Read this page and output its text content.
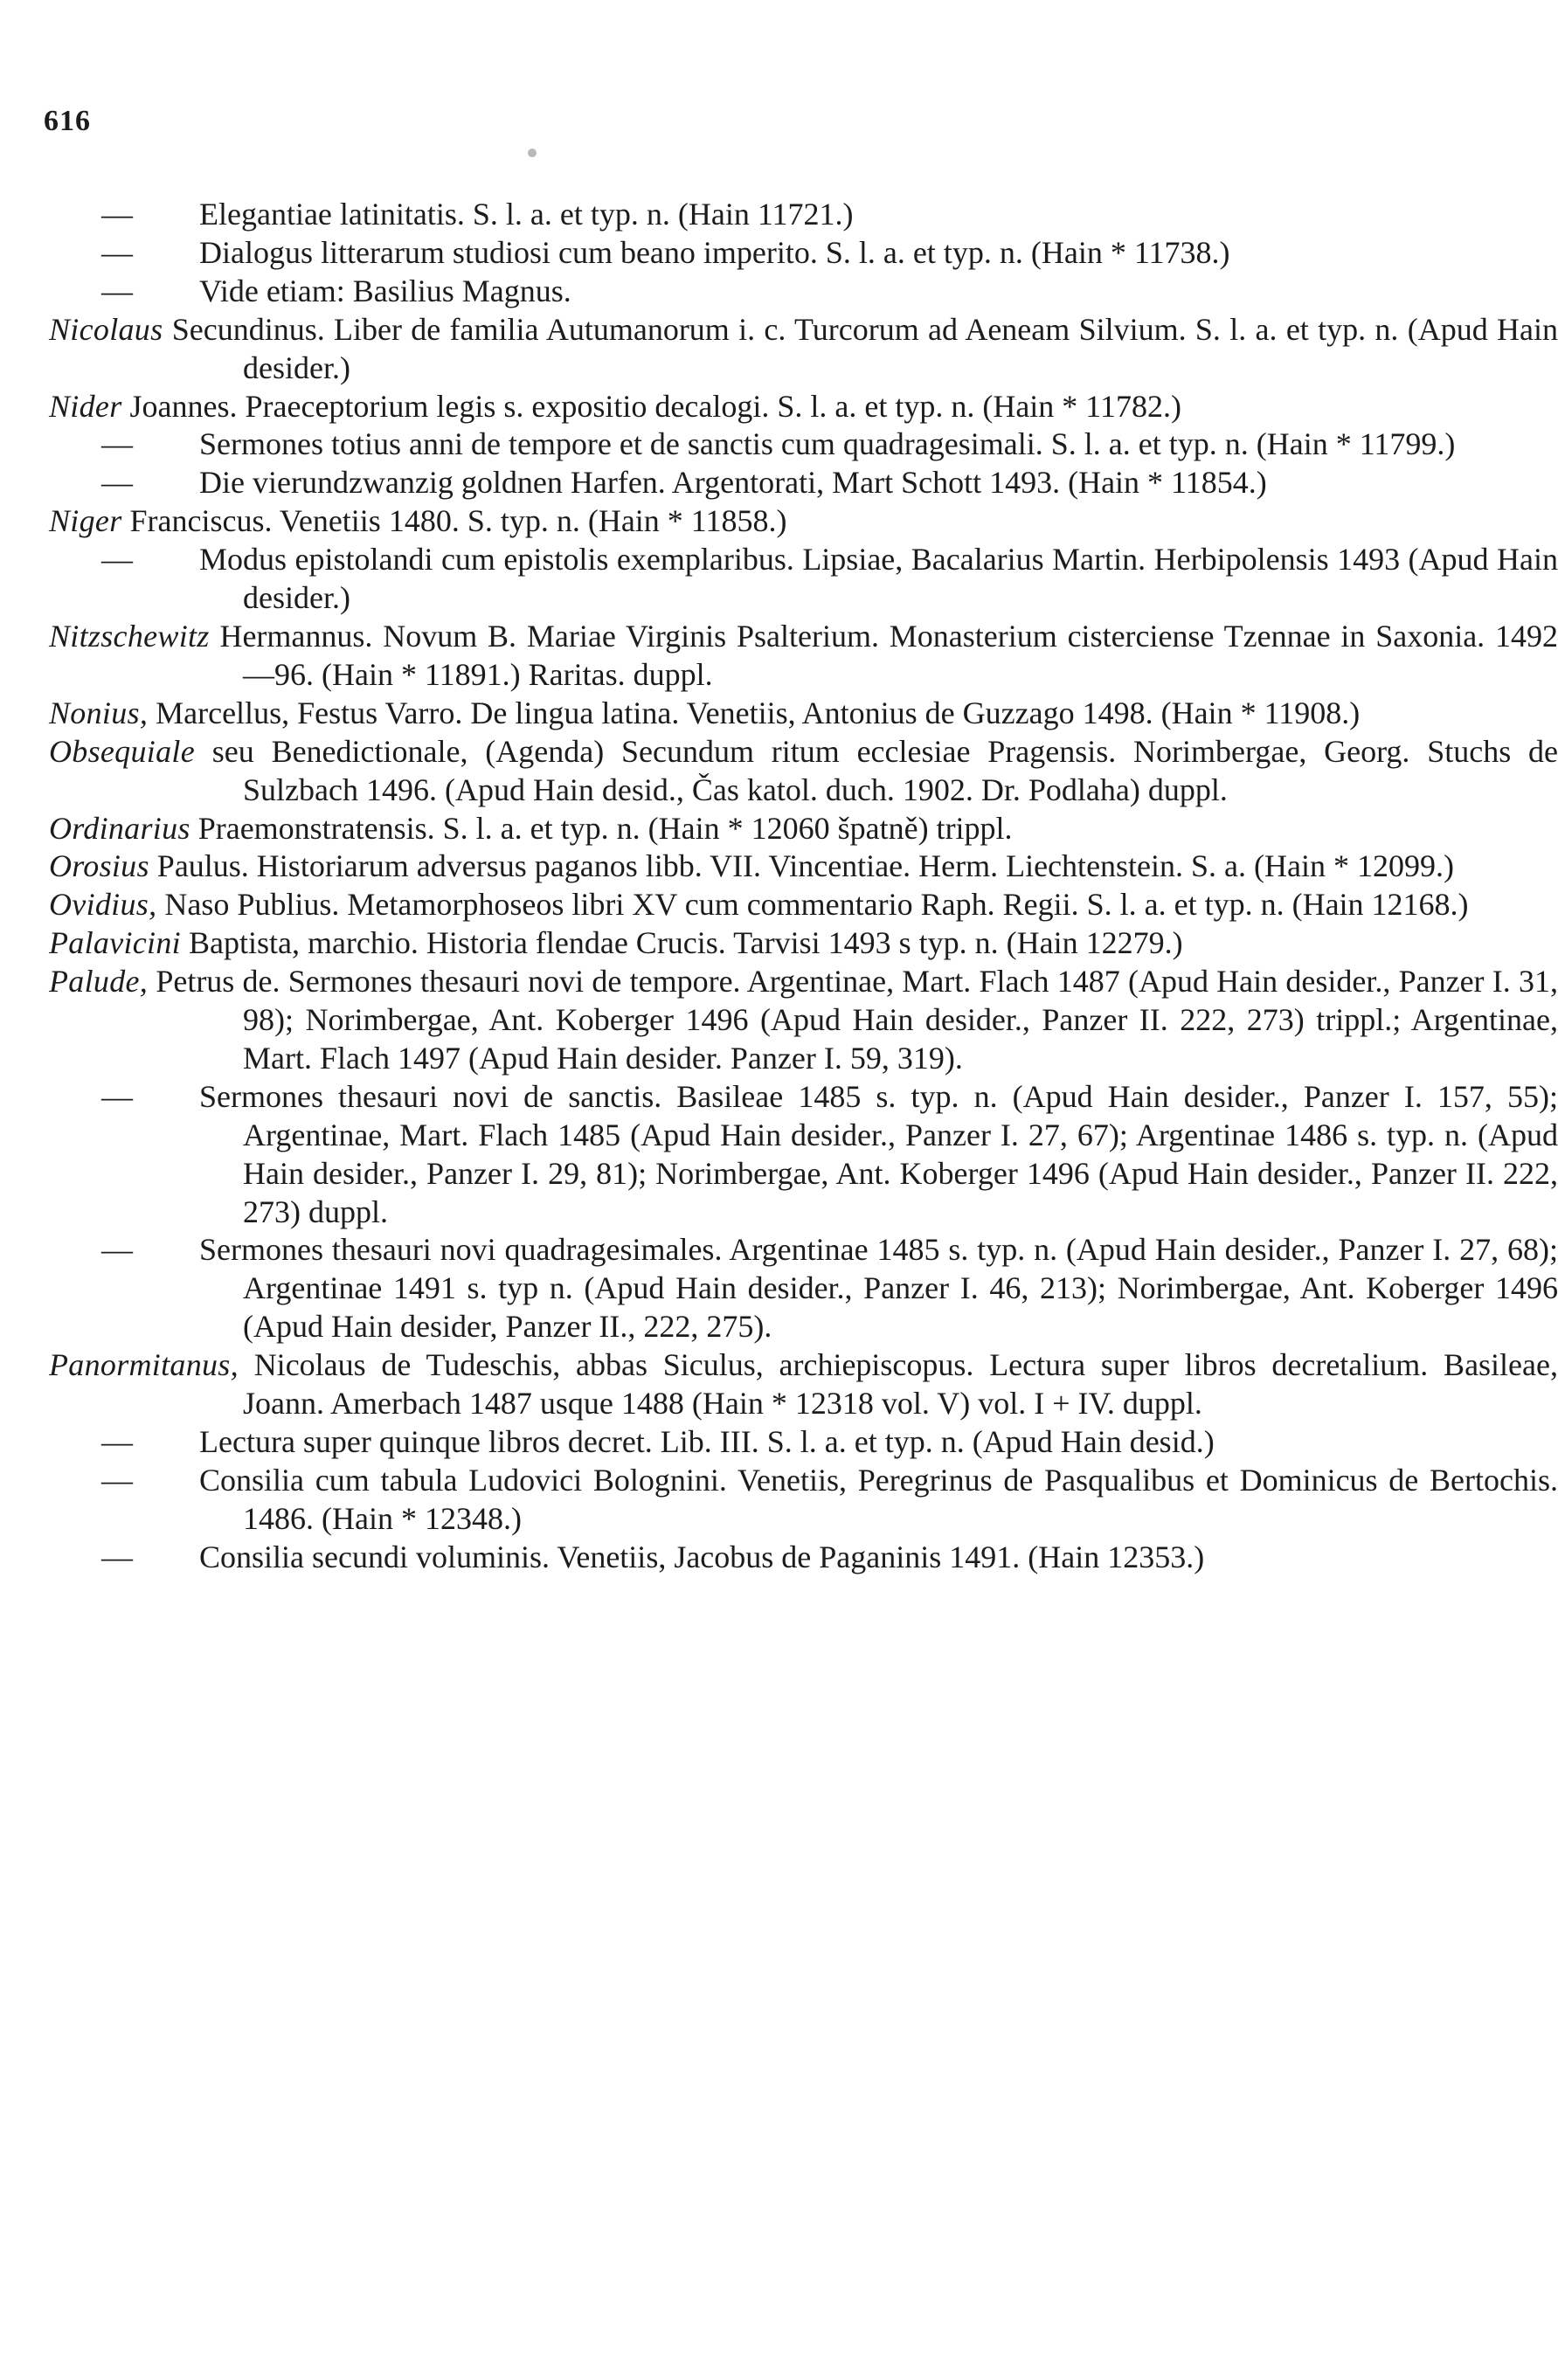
616
— Elegantiae latinitatis. S. l. a. et typ. n. (Hain 11721.)
— Dialogus litterarum studiosi cum beano imperito. S. l. a. et typ. n. (Hain * 11738.)
— Vide etiam: Basilius Magnus.
Nicolaus Secundinus. Liber de familia Autumanorum i. c. Turcorum ad Aeneam Silvium. S. l. a. et typ. n. (Apud Hain desider.)
Nider Joannes. Praeceptorium legis s. expositio decalogi. S. l. a. et typ. n. (Hain * 11782.)
— Sermones totius anni de tempore et de sanctis cum quadragesimali. S. l. a. et typ. n. (Hain * 11799.)
— Die vierundzwanzig goldnen Harfen. Argentorati, Mart Schott 1493. (Hain * 11854.)
Niger Franciscus. Venetiis 1480. S. typ. n. (Hain * 11858.)
— Modus epistolandi cum epistolis exemplaribus. Lipsiae, Bacalarius Martin. Herbipolensis 1493 (Apud Hain desider.)
Nitzschewitz Hermannus. Novum B. Mariae Virginis Psalterium. Monasterium cisterciense Tzennae in Saxonia. 1492—96. (Hain * 11891.) Raritas. duppl.
Nonius, Marcellus, Festus Varro. De lingua latina. Venetiis, Antonius de Guzzago 1498. (Hain * 11908.)
Obsequiale seu Benedictionale, (Agenda) Secundum ritum ecclesiae Pragensis. Norimbergae, Georg. Stuchs de Sulzbach 1496. (Apud Hain desid., Čas katol. duch. 1902. Dr. Podlaha) duppl.
Ordinarius Praemonstratensis. S. l. a. et typ. n. (Hain * 12060 špatně) trippl.
Orosius Paulus. Historiarum adversus paganos libb. VII. Vincentiae. Herm. Liechtenstein. S. a. (Hain * 12099.)
Ovidius, Naso Publius. Metamorphoseos libri XV cum commentario Raph. Regii. S. l. a. et typ. n. (Hain 12168.)
Palavicini Baptista, marchio. Historia flendae Crucis. Tarvisi 1493 s typ. n. (Hain 12279.)
Palude, Petrus de. Sermones thesauri novi de tempore. Argentinae, Mart. Flach 1487 (Apud Hain desider., Panzer I. 31, 98); Norimbergae, Ant. Koberger 1496 (Apud Hain desider., Panzer II. 222, 273) trippl.; Argentinae, Mart. Flach 1497 (Apud Hain desider. Panzer I. 59, 319).
— Sermones thesauri novi de sanctis. Basileae 1485 s. typ. n. (Apud Hain desider., Panzer I. 157, 55); Argentinae, Mart. Flach 1485 (Apud Hain desider., Panzer I. 27, 67); Argentinae 1486 s. typ. n. (Apud Hain desider., Panzer I. 29, 81); Norimbergae, Ant. Koberger 1496 (Apud Hain desider., Panzer II. 222, 273) duppl.
— Sermones thesauri novi quadragesimales. Argentinae 1485 s. typ. n. (Apud Hain desider., Panzer I. 27, 68); Argentinae 1491 s. typ n. (Apud Hain desider., Panzer I. 46, 213); Norimbergae, Ant. Koberger 1496 (Apud Hain desider, Panzer II., 222, 275).
Panormitanus, Nicolaus de Tudeschis, abbas Siculus, archiepiscopus. Lectura super libros decretalium. Basileae, Joann. Amerbach 1487 usque 1488 (Hain * 12318 vol. V) vol. I + IV. duppl.
— Lectura super quinque libros decret. Lib. III. S. l. a. et typ. n. (Apud Hain desid.)
— Consilia cum tabula Ludovici Bolognini. Venetiis, Peregrinus de Pasqualibus et Dominicus de Bertochis. 1486. (Hain * 12348.)
— Consilia secundi voluminis. Venetiis, Jacobus de Paganinis 1491. (Hain 12353.)
